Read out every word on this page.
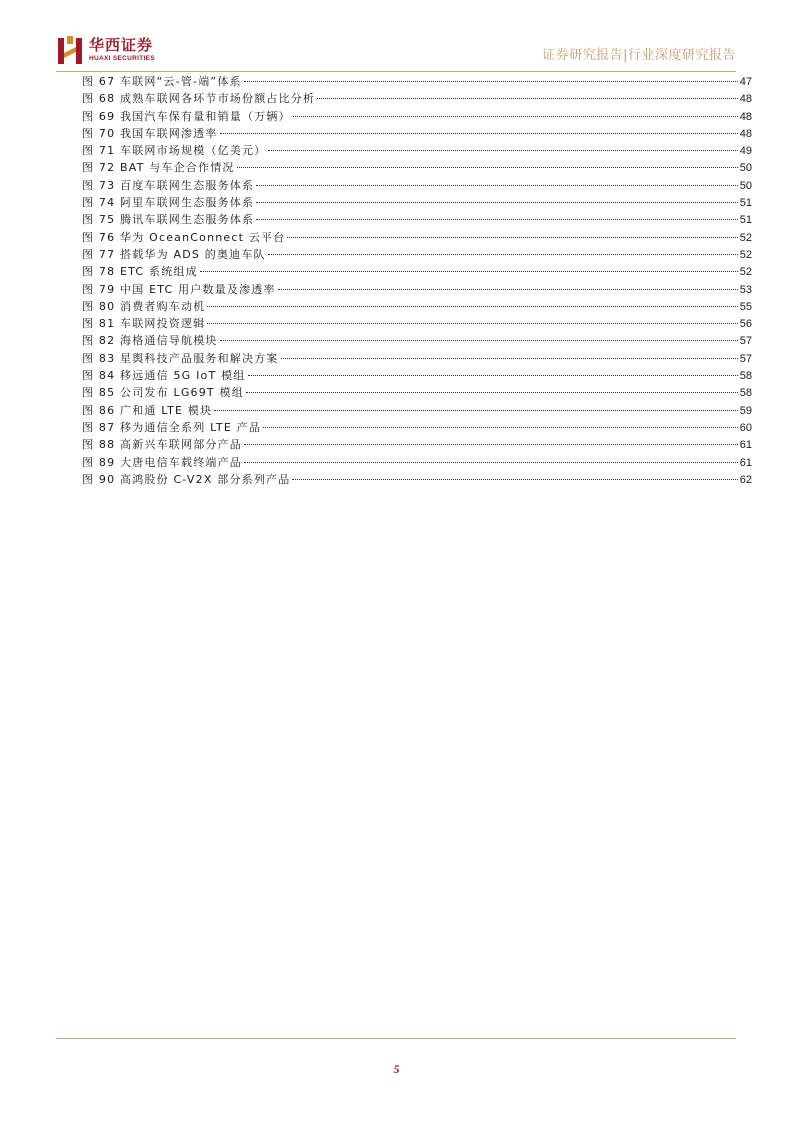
华西证券
HUAXI SECURITIES	证券研究报告|行业深度研究报告
图 67 车联网“云-管-端”体系	47
图 68 成熟车联网各环节市场份额占比分析	48
图 69 我国汽车保有量和销量（万辆）	48
图 70 我国车联网渗透率	48
图 71 车联网市场规模（亿美元）	49
图 72 BAT 与车企合作情况	50
图 73 百度车联网生态服务体系	50
图 74 阿里车联网生态服务体系	51
图 75 腾讯车联网生态服务体系	51
图 76 华为 OceanConnect 云平台	52
图 77 搭载华为 ADS 的奥迪车队	52
图 78 ETC 系统组成	52
图 79 中国 ETC 用户数量及渗透率	53
图 80 消费者购车动机	55
图 81 车联网投资逻辑	56
图 82 海格通信导航模块	57
图 83 星舆科技产品服务和解决方案	57
图 84 移远通信 5G IoT 模组	58
图 85 公司发布 LG69T 模组	58
图 86 广和通 LTE 模块	59
图 87 移为通信全系列 LTE 产品	60
图 88 高新兴车联网部分产品	61
图 89 大唐电信车载终端产品	61
图 90 高鸿股份 C-V2X 部分系列产品	62
5
